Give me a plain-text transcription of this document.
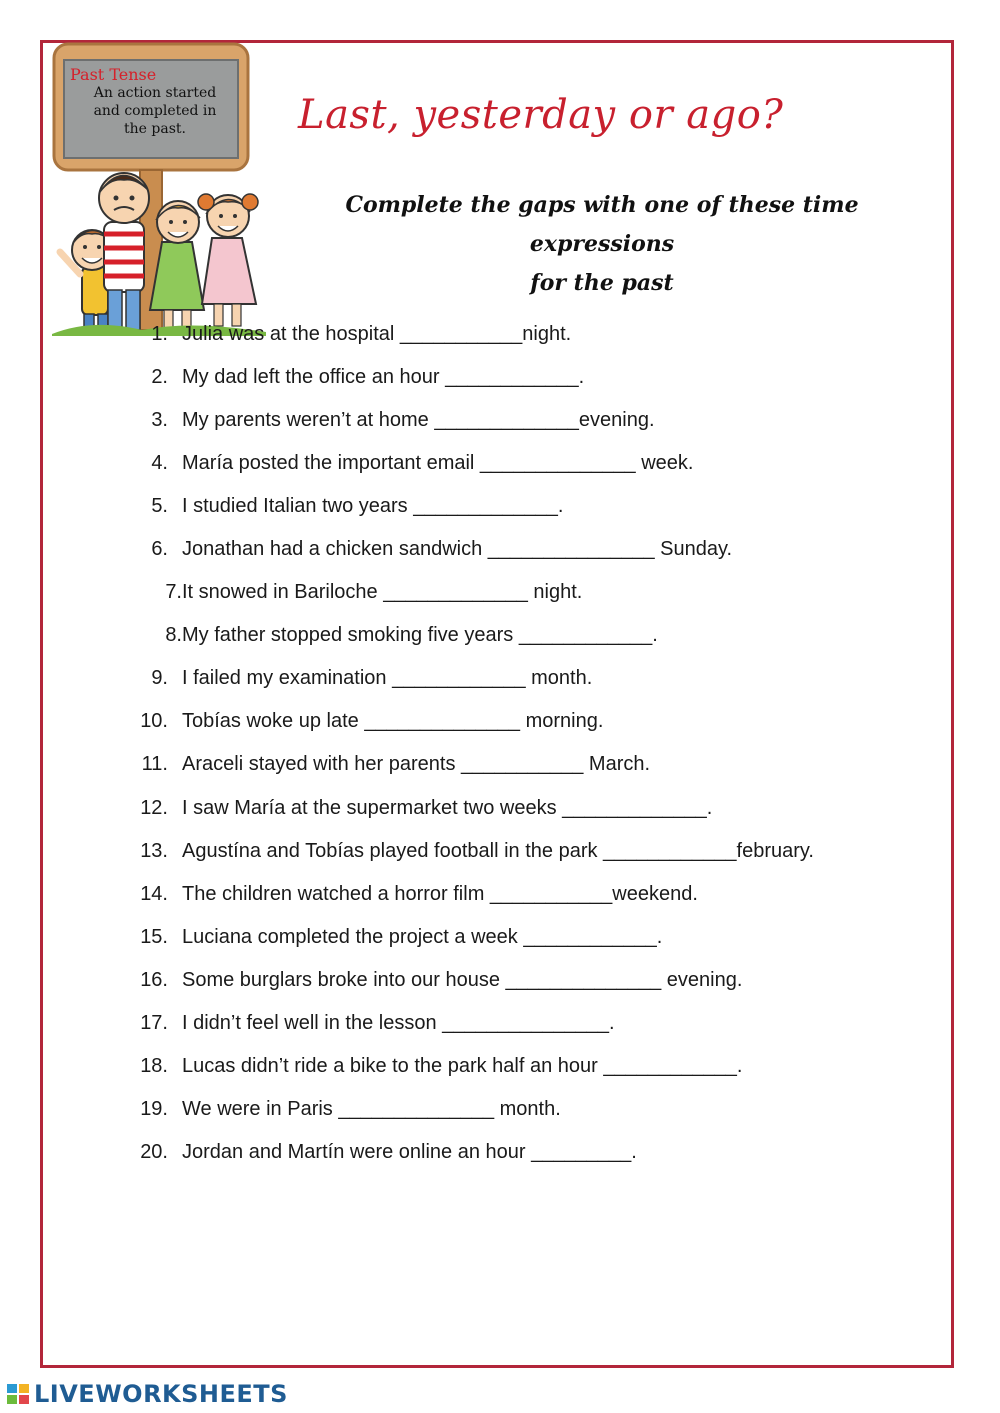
Past Tense
An action started
and completed in
the past.	Last, yesterday or ago?
Complete the gaps with one of these time expressions
for the past
1. Julia was at the hospital ___________night.
2. My dad left the office an hour ____________.
3. My parents weren’t at home _____________evening.
4. María posted the important email ______________ week.
5. I studied Italian two years _____________.
6. Jonathan had a chicken sandwich _______________ Sunday.
7. It snowed in Bariloche _____________ night.
8. My father stopped smoking five years ____________.
9. I failed my examination ____________ month.
10. Tobías woke up late ______________ morning.
11. Araceli stayed with her parents ___________ March.
12. I saw María at the supermarket two weeks _____________.
13. Agustína and Tobías played football in the park ____________february.
14. The children watched a horror film ___________weekend.
15. Luciana completed the project a week ____________.
16. Some burglars broke into our house ______________ evening.
17. I didn’t feel well in the lesson _______________.
18. Lucas didn’t ride a bike to the park half an hour ____________.
19. We were in Paris ______________ month.
20. Jordan and Martín were online an hour _________.
LIVEWORKSHEETS
